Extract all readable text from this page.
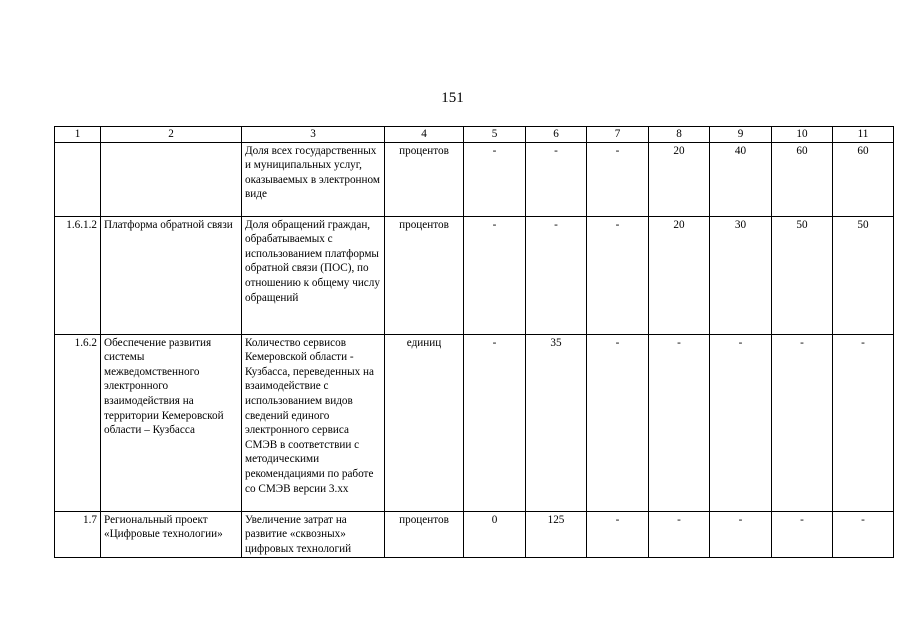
151
1	2	3	4	5	6	7	8	9	10	11
		Доля всех государственных и муниципальных услуг, оказываемых в электронном виде	процентов	-	-	-	20	40	60	60
1.6.1.2	Платформа обратной связи	Доля обращений граждан, обрабатываемых с использованием платформы обратной связи (ПОС), по отношению к общему числу обращений	процентов	-	-	-	20	30	50	50
1.6.2	Обеспечение развития системы межведомственного электронного взаимодействия на территории Кемеровской области – Кузбасса	Количество сервисов Кемеровской области - Кузбасса, переведенных на взаимодействие с использованием видов сведений единого электронного сервиса СМЭВ в соответствии с методическими рекомендациями по работе со СМЭВ версии 3.xx	единиц	-	35	-	-	-	-	-
1.7	Региональный проект «Цифровые технологии»	Увеличение затрат на развитие «сквозных» цифровых технологий	процентов	0	125	-	-	-	-	-
